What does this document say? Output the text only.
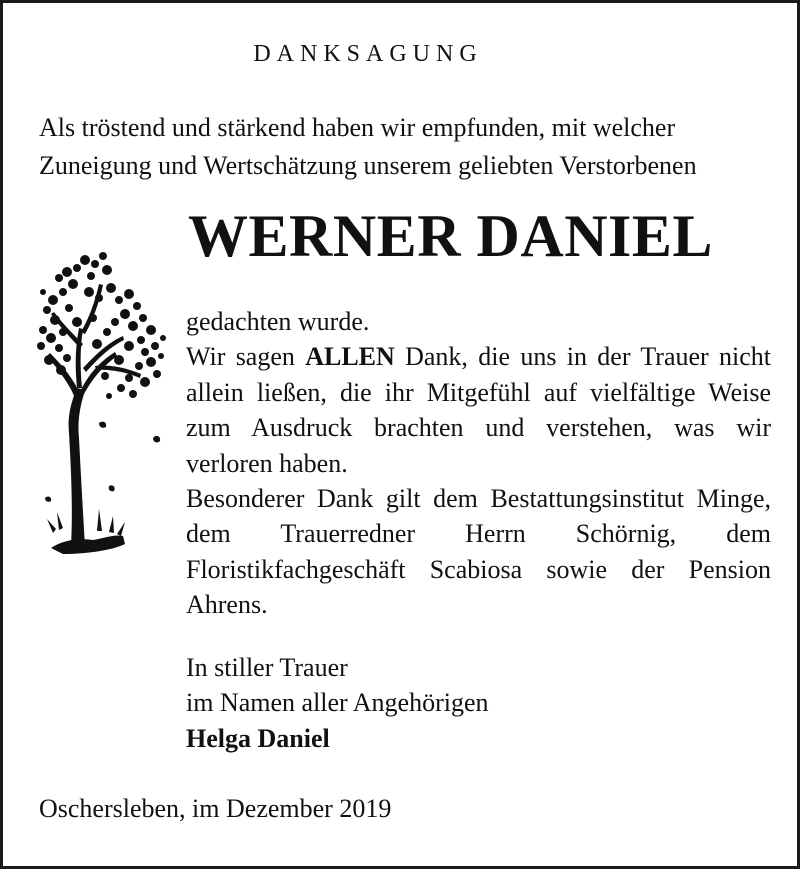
DANKSAGUNG
Als tröstend und stärkend haben wir empfunden, mit welcher
Zuneigung und Wertschätzung unserem geliebten Verstorbenen
WERNER DANIEL

gedachten wurde.

Wir sagen ALLEN Dank, die uns in der Trauer nicht allein ließen, die ihr Mitgefühl auf vielfältige Weise zum Ausdruck brachten und verstehen, was wir verloren haben.

Besonderer Dank gilt dem Bestattungsinstitut Minge, dem Trauerredner Herrn Schörnig, dem Floristikfachgeschäft Scabiosa sowie der Pension Ahrens.

In stiller Trauer
im Namen aller Angehörigen
Helga Daniel
Oschersleben, im Dezember 2019
